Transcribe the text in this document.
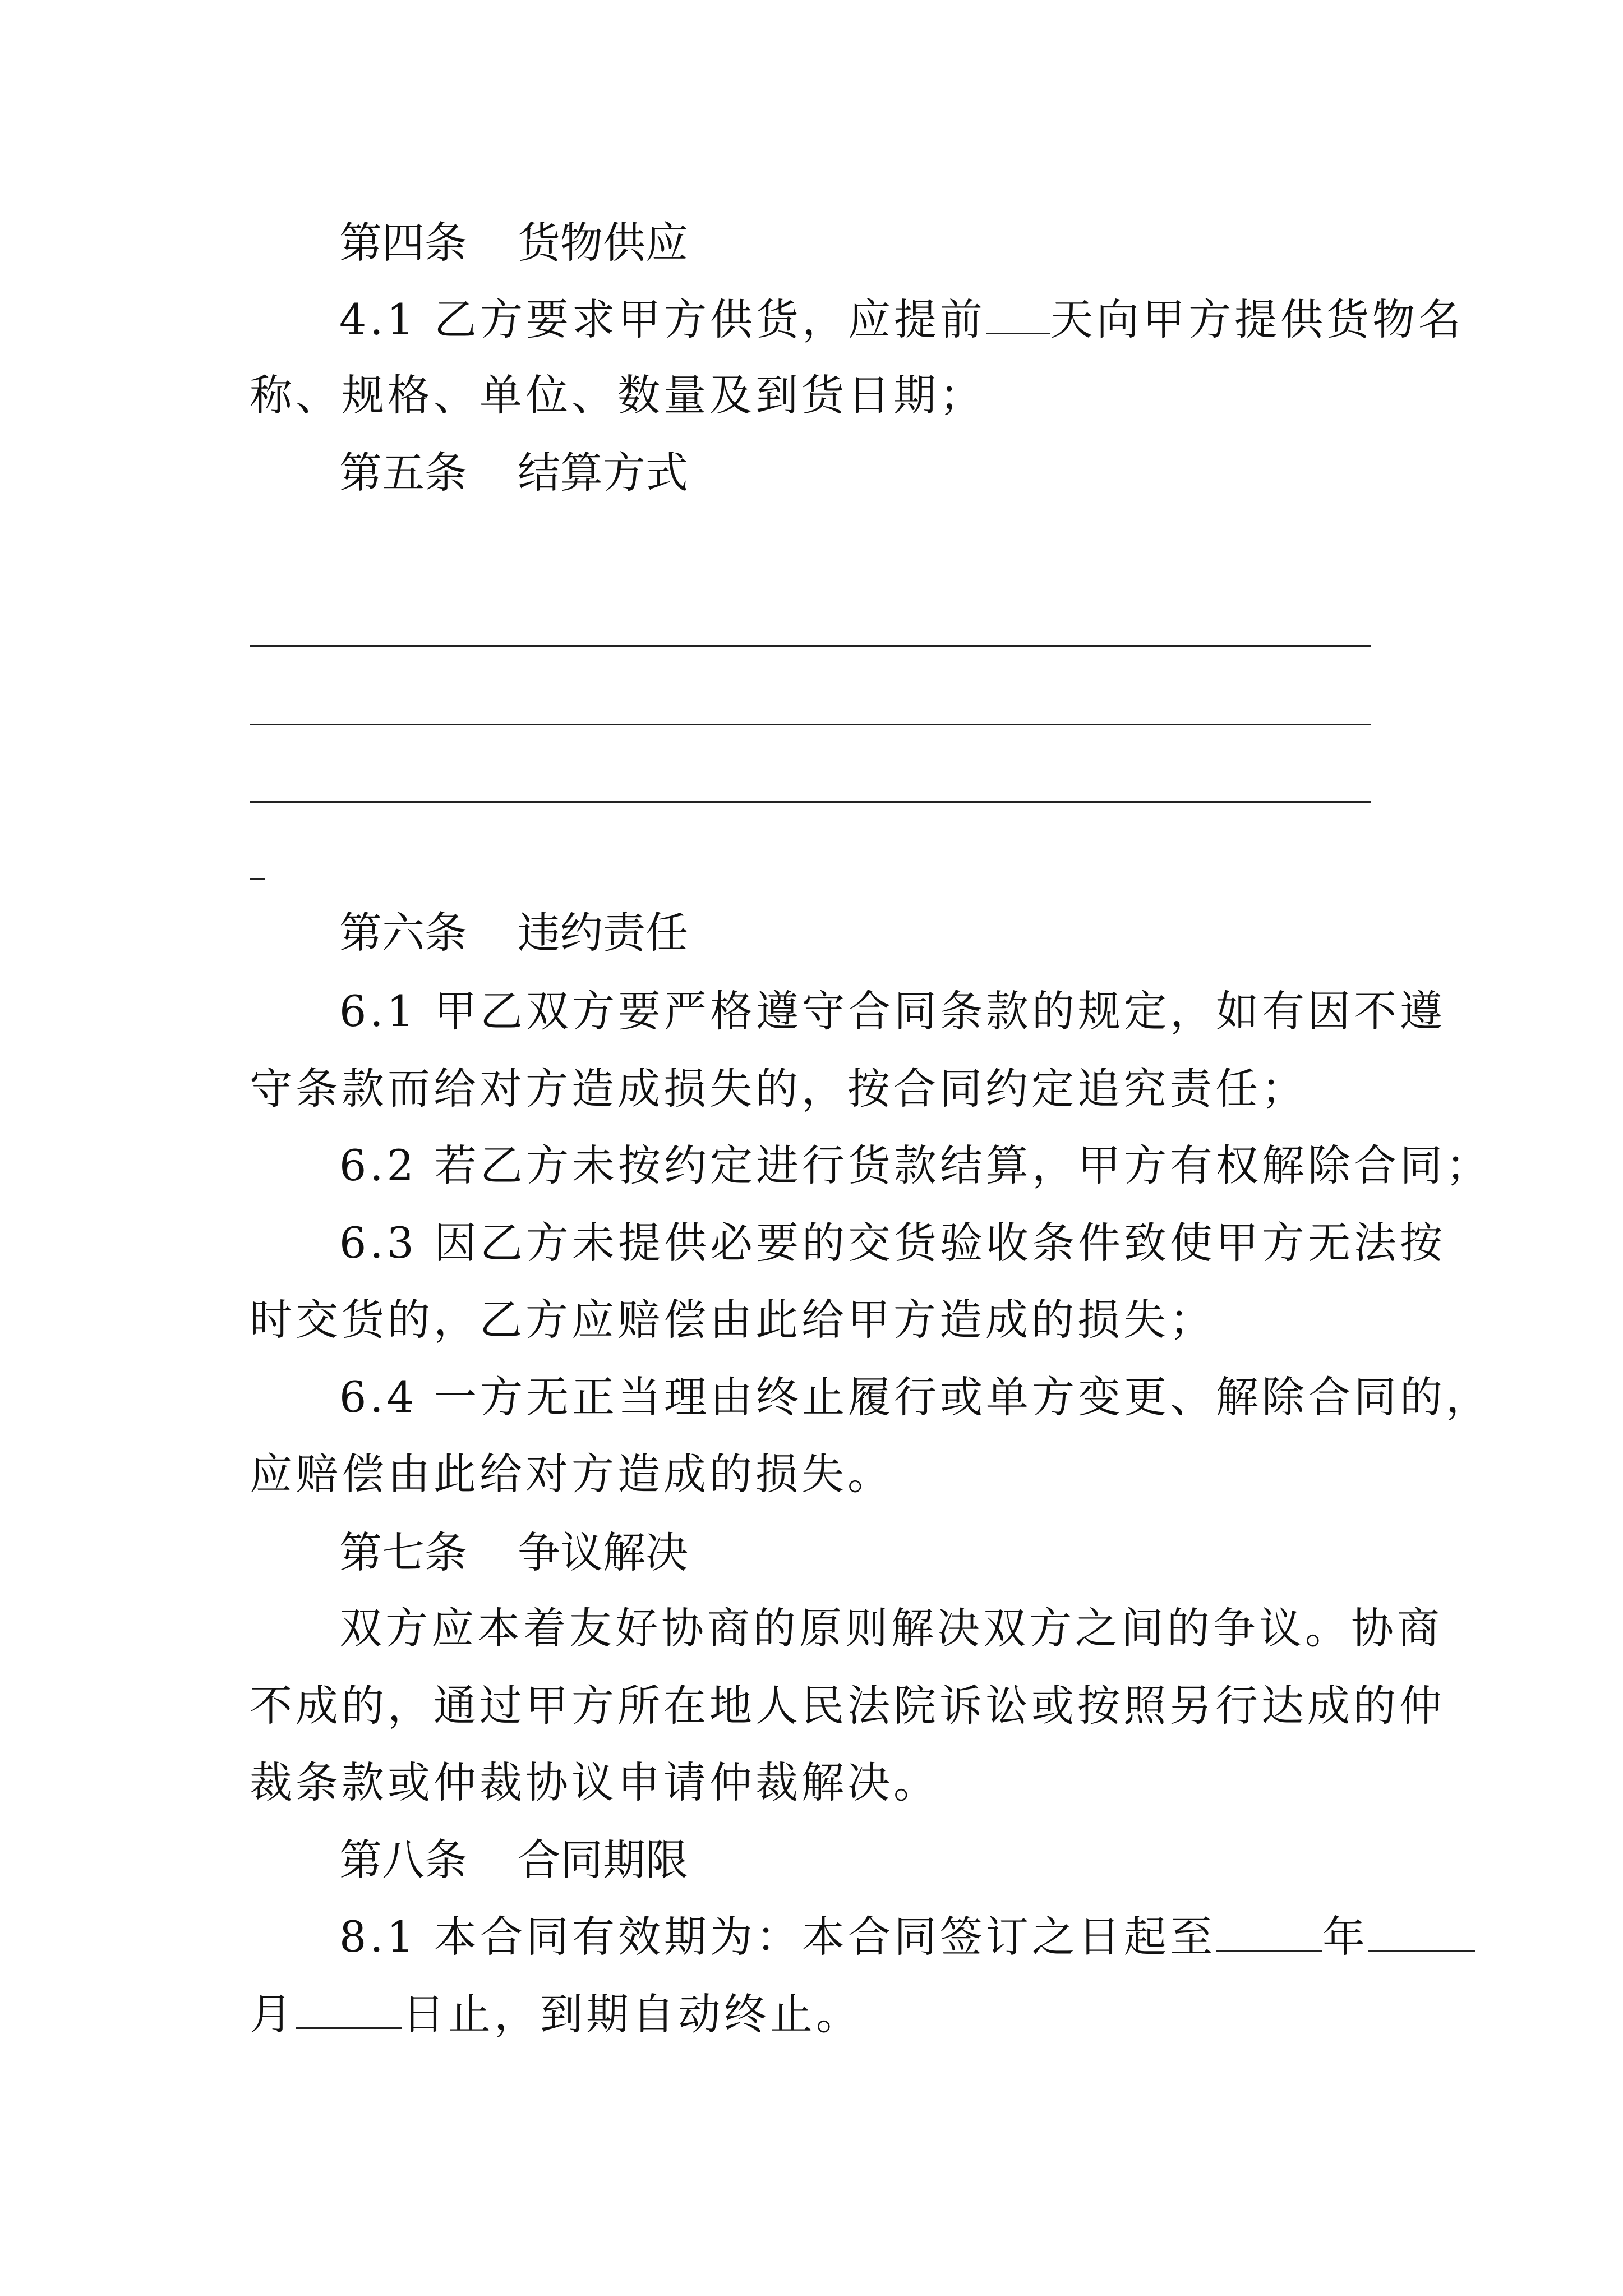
第四条 货物供应
4.1 乙方要求甲方供货，应提前 天向甲方提供货物名
称、规格、单位、数量及到货日期；
第五条 结算方式
第六条 违约责任
6.1 甲乙双方要严格遵守合同条款的规定，如有因不遵
守条款而给对方造成损失的，按合同约定追究责任；
6.2 若乙方未按约定进行货款结算，甲方有权解除合同；
6.3 因乙方未提供必要的交货验收条件致使甲方无法按
时交货的，乙方应赔偿由此给甲方造成的损失；
6.4 一方无正当理由终止履行或单方变更、解除合同的，
应赔偿由此给对方造成的损失。
第七条 争议解决
双方应本着友好协商的原则解决双方之间的争议。协商
不成的，通过甲方所在地人民法院诉讼或按照另行达成的仲
裁条款或仲裁协议申请仲裁解决。
第八条 合同期限
8.1 本合同有效期为：本合同签订之日起至	年
月	日止，到期自动终止。
